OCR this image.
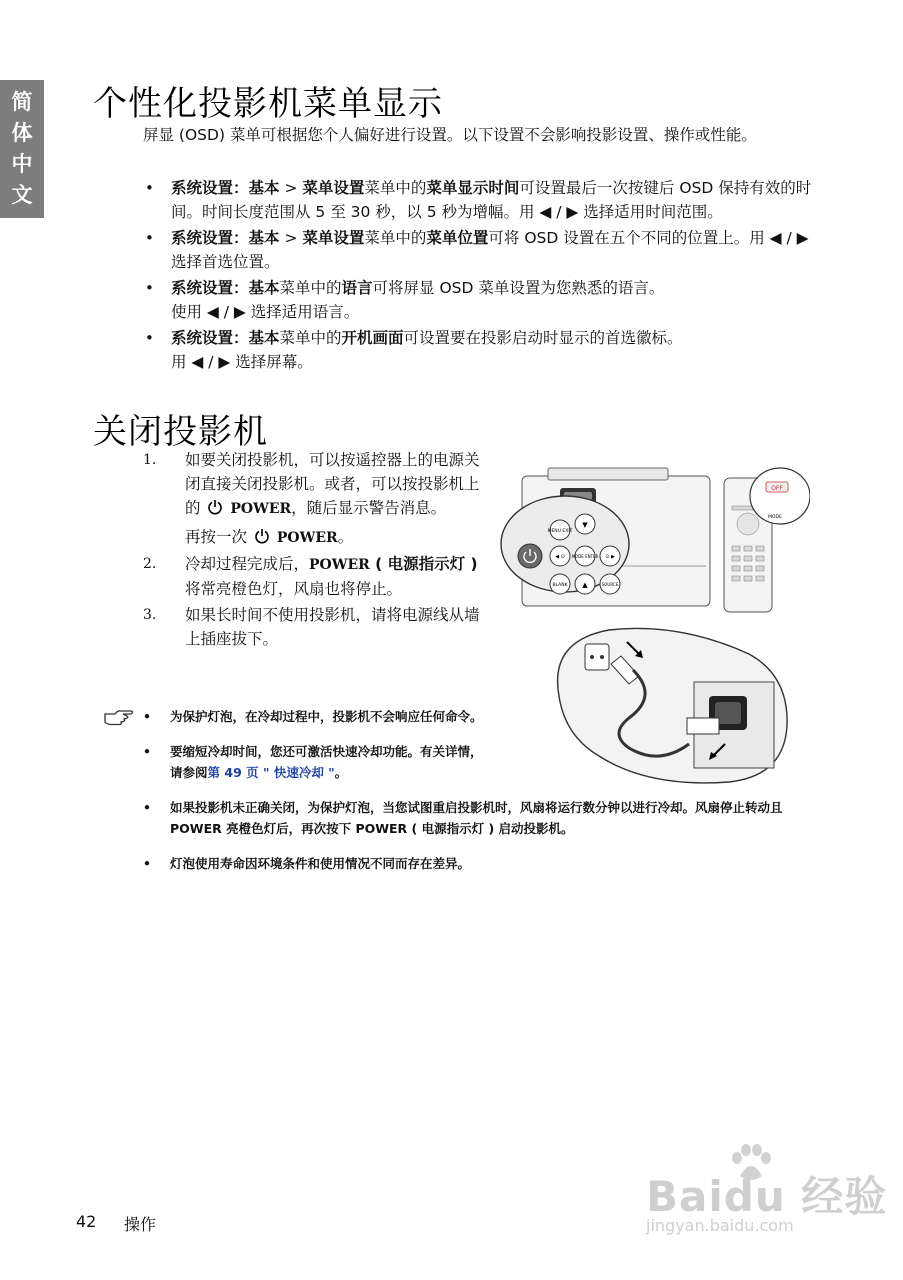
简
体
中
文
个性化投影机菜单显示
屏显 (OSD) 菜单可根据您个人偏好进行设置。以下设置不会影响投影设置、操作或性能。
• 系统设置：基本 > 菜单设置菜单中的菜单显示时间可设置最后一次按键后 OSD 保持有效的时间。时间长度范围从 5 至 30 秒，以 5 秒为增幅。用 ◀ / ▶ 选择适用时间范围。
• 系统设置：基本 > 菜单设置菜单中的菜单位置可将 OSD 设置在五个不同的位置上。用 ◀ / ▶ 选择首选位置。
• 系统设置：基本菜单中的语言可将屏显 OSD 菜单设置为您熟悉的语言。
使用 ◀ / ▶ 选择适用语言。
• 系统设置：基本菜单中的开机画面可设置要在投影启动时显示的首选徽标。
用 ◀ / ▶ 选择屏幕。
关闭投影机
1. 如要关闭投影机，可以按遥控器上的电源关闭直接关闭投影机。或者，可以按投影机上的 POWER，随后显示警告消息。
再按一次 POWER。
2. 冷却过程完成后，POWER ( 电源指示灯 ) 将常亮橙色灯，风扇也将停止。
3. 如果长时间不使用投影机，请将电源线从墙上插座拔下。
• 为保护灯泡，在冷却过程中，投影机不会响应任何命令。
• 要缩短冷却时间，您还可激活快速冷却功能。有关详情，请参阅第 49 页 " 快速冷却 "。
• 如果投影机未正确关闭，为保护灯泡，当您试图重启投影机时，风扇将运行数分钟以进行冷却。风扇停止转动且 POWER 亮橙色灯后，再次按下 POWER ( 电源指示灯 ) 启动投影机。
• 灯泡使用寿命因环境条件和使用情况不同而存在差异。
MENU EXIT
▼
◀ ⊙ MODE ENTER ⊙ ▶
BLANK ▲	SOURCE
OFF
MODE
42 操作
Baidu 经验
jingyan.baidu.com
